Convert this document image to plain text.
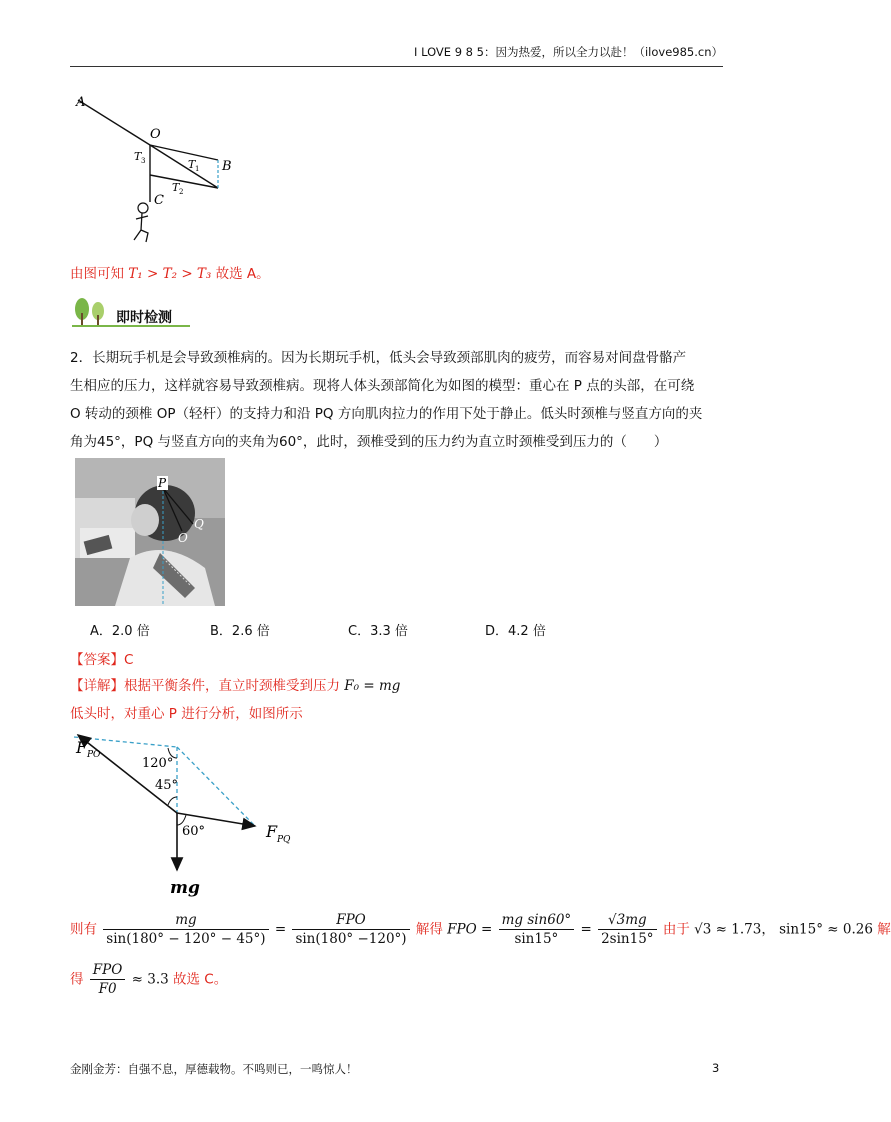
I LOVE 9 8 5：因为热爱，所以全力以赴！（ilove985.cn）
A
O
B
C
T 3	T 1
T 2
由图可知 T₁ > T₂ > T₃ 故选 A。
即时检测
2．长期玩手机是会导致颈椎病的。因为长期玩手机，低头会导致颈部肌肉的疲劳，而容易对间盘骨骼产
生相应的压力，这样就容易导致颈椎病。现将人体头颈部简化为如图的模型：重心在 P 点的头部，在可绕
O 转动的颈椎 OP（轻杆）的支持力和沿 PQ 方向肌肉拉力的作用下处于静止。低头时颈椎与竖直方向的夹
角为45°，PQ 与竖直方向的夹角为60°，此时，颈椎受到的压力约为直立时颈椎受到压力的（　　）
P
Q
O
A．2.0 倍	B．2.6 倍	C．3.3 倍	D．4.2 倍
【答案】C
【详解】根据平衡条件，直立时颈椎受到压力 F₀ = mg
低头时，对重心 P 进行分析，如图所示
F PO
120°
45°
60°	F PQ
mg
则有 $\frac{mg}{\sin(180^\circ - 120^\circ - 45^\circ)} = \frac{\text{FPO}}{\sin(180^\circ -120^\circ)}$ 解得 FPO = $\frac{\text{mg sin60°}}{\sin 15^\circ} = \frac{√3mg}{2\sin 15^\circ}$ 由于 √3 ≈ 1.73， sin15° ≈ 0.26 解
得 $\frac{\text{FPO}}{F0} \approx 3.3$ 故选 C。
金刚金芳：自强不息，厚德载物。不鸣则已，一鸣惊人！	3
